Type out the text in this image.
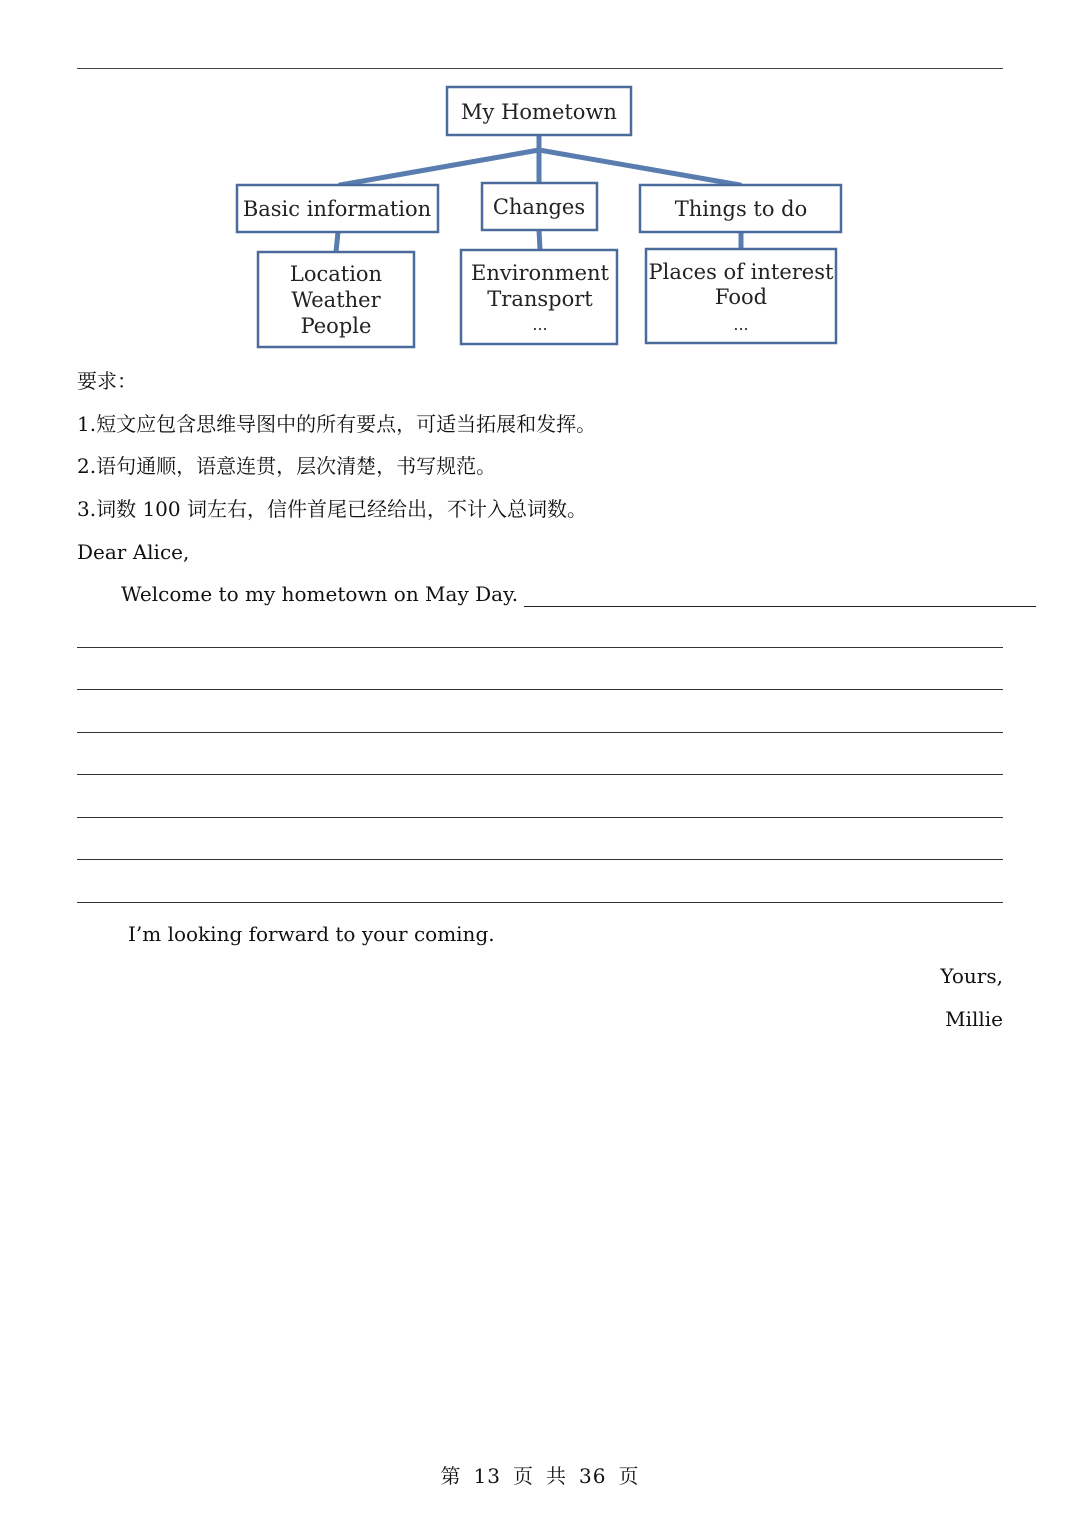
My Hometown
Basic information	Changes	Things to do
Location
Weather
People
Environment
Transport
...
Places of interest
Food
...
要求：
1.短文应包含思维导图中的所有要点，可适当拓展和发挥。
2.语句通顺，语意连贯，层次清楚，书写规范。
3.词数 100 词左右，信件首尾已经给出，不计入总词数。
Dear Alice,
Welcome to my hometown on May Day.
I’m looking forward to your coming.
Yours,
Millie
第 13 页 共 36 页
